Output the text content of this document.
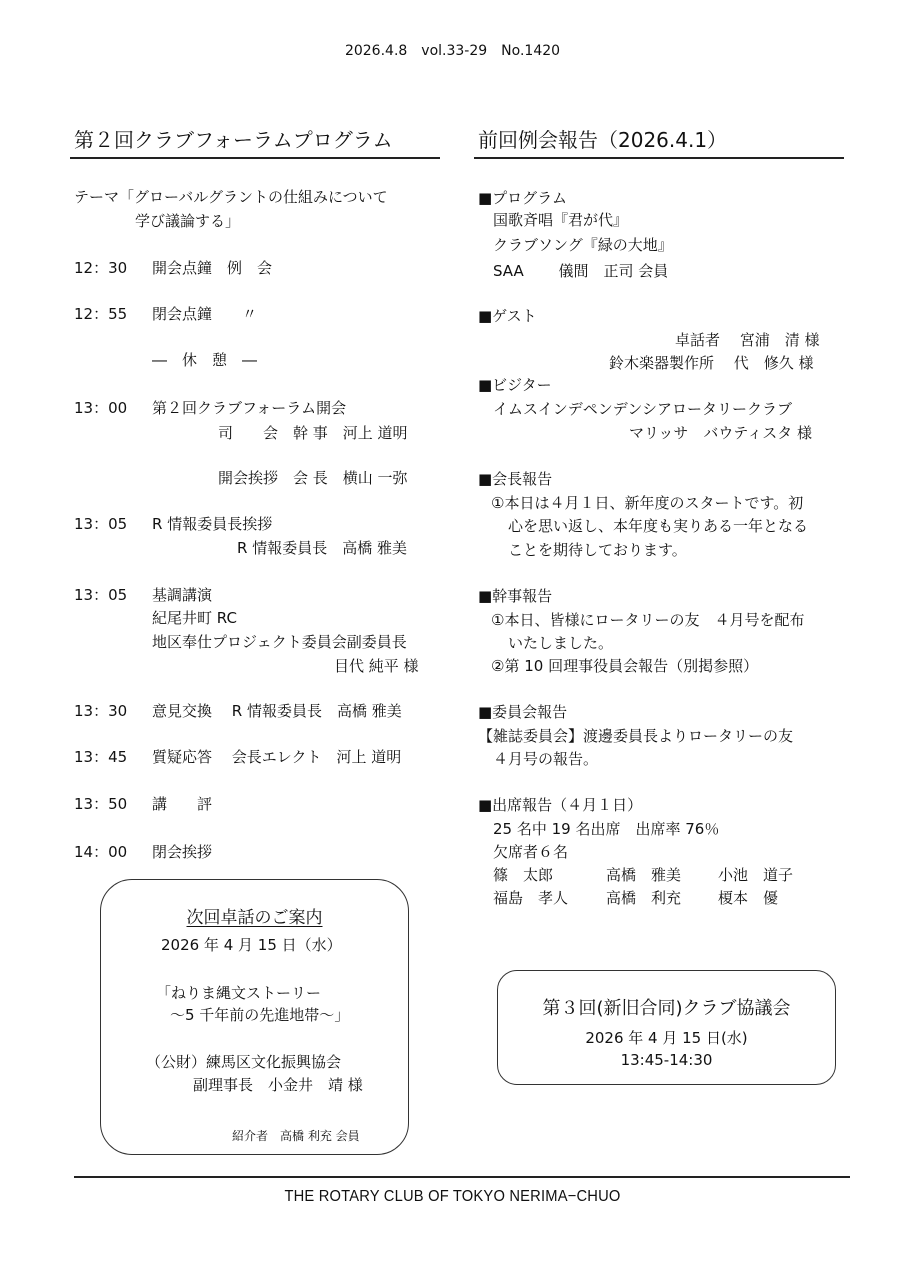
2026.4.8　vol.33-29　No.1420
第２回クラブフォーラムプログラム
テーマ「グローバルグラントの仕組みについて
学び議論する」
12：30 開会点鐘　例　会
12：55 閉会点鐘　　〃
―　休　憩　―
13：00 第２回クラブフォーラム開会
司　　会　幹 事　河上 道明
開会挨拶　会 長　横山 一弥
13：05 R 情報委員長挨拶
R 情報委員長　高橋 雅美
13：05 基調講演
紀尾井町 RC
地区奉仕プロジェクト委員会副委員長
目代 純平 様
13：30 意見交換　 R 情報委員長　高橋 雅美
13：45 質疑応答　 会長エレクト　河上 道明
13：50 講　　評
14：00 閉会挨拶
次回卓話のご案内
2026 年 4 月 15 日（水）
「ねりま縄文ストーリー
～5 千年前の先進地帯～」
（公財）練馬区文化振興協会
副理事長　小金井　靖 様
紹介者　高橋 利充 会員
前回例会報告（2026.4.1）
■プログラム
国歌斉唱『君が代』
クラブソング『緑の大地』
SAA　　 儀間　正司 会員
■ゲスト
卓話者　 宮浦　清 様
鈴木楽器製作所　 代　修久 様
■ビジター
イムスインデペンデンシアロータリークラブ
マリッサ　バウティスタ 様
■会長報告
①本日は４月１日、新年度のスタートです。初
心を思い返し、本年度も実りある一年となる
ことを期待しております。
■幹事報告
①本日、皆様にロータリーの友　４月号を配布
いたしました。
②第 10 回理事役員会報告（別掲参照）
■委員会報告
【雑誌委員会】渡邊委員長よりロータリーの友
４月号の報告。
■出席報告（４月１日）
25 名中 19 名出席　出席率 76％
欠席者６名
篠　太郎	高橋　雅美 小池　道子
福島　孝人	高橋　利充 榎本　優
第３回(新旧合同)クラブ協議会
2026 年 4 月 15 日(水)
13:45-14:30
THE ROTARY CLUB OF TOKYO NERIMA−CHUO
